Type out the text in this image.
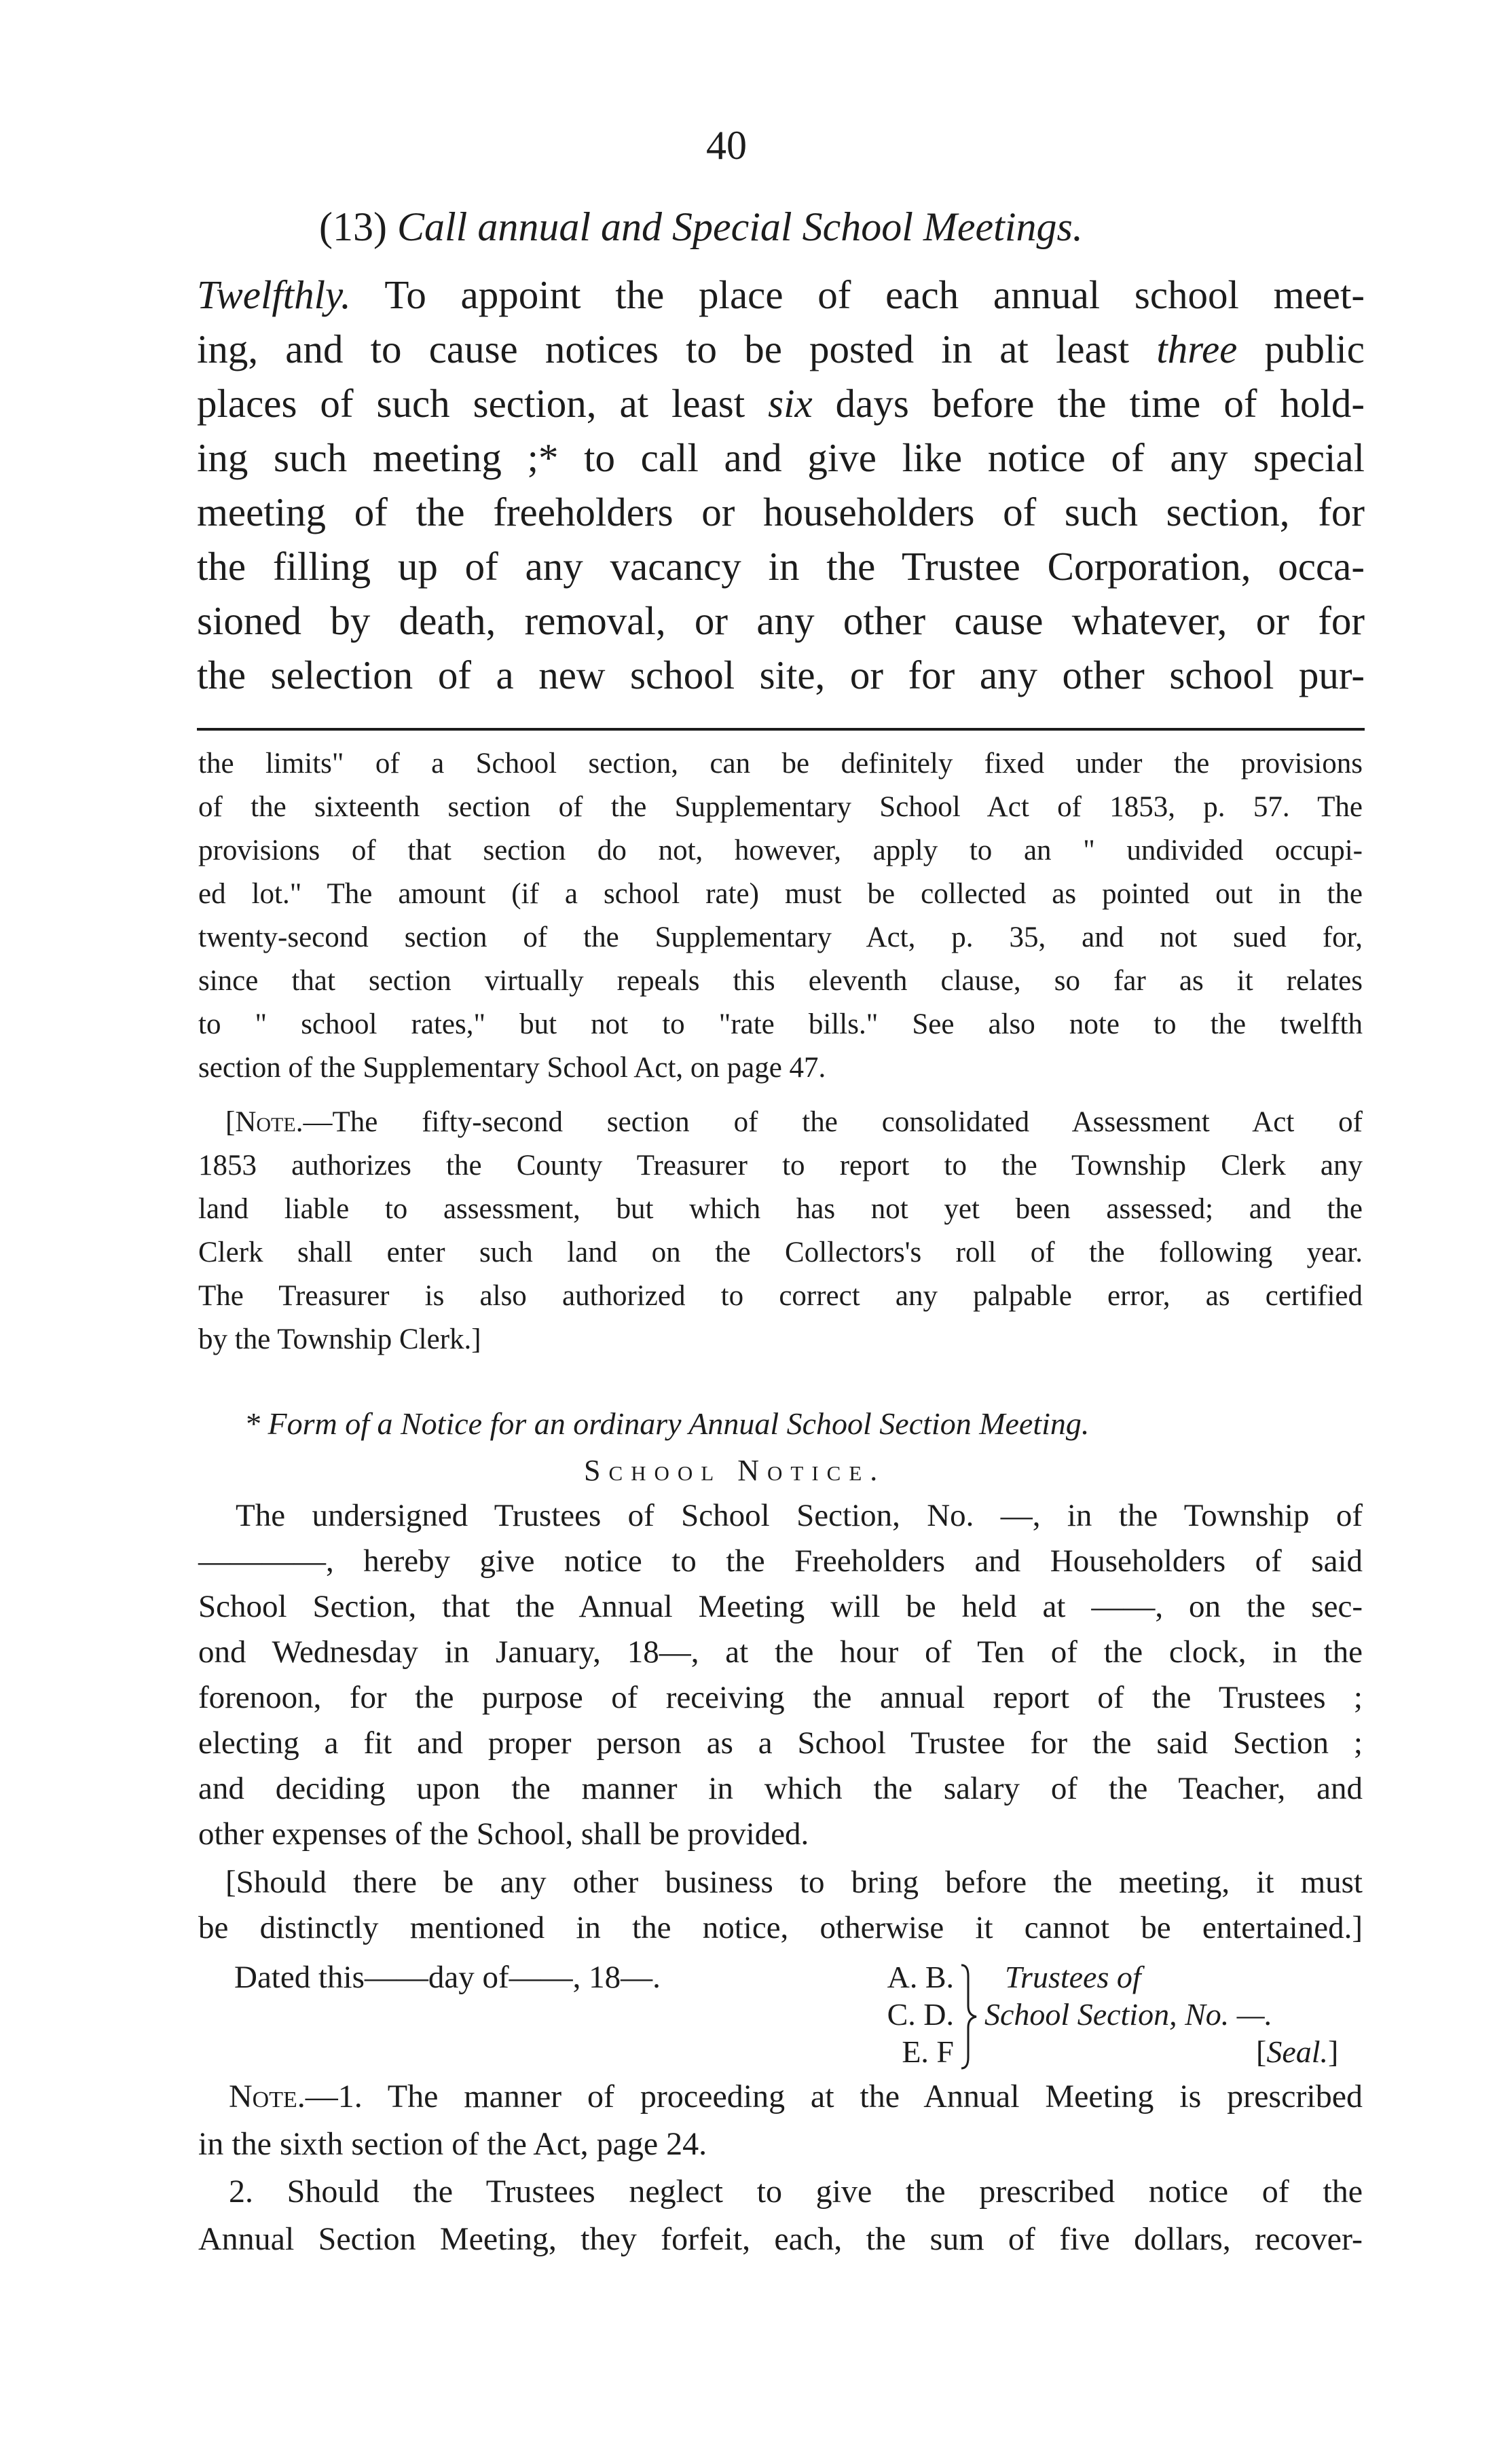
40
(13) Call annual and Special School Meetings.
Twelfthly. To appoint the place of each annual school meet-
ing, and to cause notices to be posted in at least three public
places of such section, at least six days before the time of hold-
ing such meeting ;* to call and give like notice of any special
meeting of the freeholders or householders of such section, for
the filling up of any vacancy in the Trustee Corporation, occa-
sioned by death, removal, or any other cause whatever, or for
the selection of a new school site, or for any other school pur-
the limits" of a School section, can be definitely fixed under the provisions
of the sixteenth section of the Supplementary School Act of 1853, p. 57. The
provisions of that section do not, however, apply to an " undivided occupi-
ed lot." The amount (if a school rate) must be collected as pointed out in the
twenty-second section of the Supplementary Act, p. 35, and not sued for,
since that section virtually repeals this eleventh clause, so far as it relates
to " school rates," but not to "rate bills." See also note to the twelfth
section of the Supplementary School Act, on page 47.
[Note.—The fifty-second section of the consolidated Assessment Act of
1853 authorizes the County Treasurer to report to the Township Clerk any
land liable to assessment, but which has not yet been assessed; and the
Clerk shall enter such land on the Collectors's roll of the following year.
The Treasurer is also authorized to correct any palpable error, as certified
by the Township Clerk.]
* Form of a Notice for an ordinary Annual School Section Meeting.
School Notice.
The undersigned Trustees of School Section, No. —, in the Township of
————, hereby give notice to the Freeholders and Householders of said
School Section, that the Annual Meeting will be held at ——, on the sec-
ond Wednesday in January, 18—, at the hour of Ten of the clock, in the
forenoon, for the purpose of receiving the annual report of the Trustees ;
electing a fit and proper person as a School Trustee for the said Section ;
and deciding upon the manner in which the salary of the Teacher, and
other expenses of the School, shall be provided.
[Should there be any other business to bring before the meeting, it must
be distinctly mentioned in the notice, otherwise it cannot be entertained.]
Dated this——day of——, 18—.	A. B.
C. D.
E. F
Trustees of
School Section, No. —.
[Seal.]
Note.—1. The manner of proceeding at the Annual Meeting is prescribed
in the sixth section of the Act, page 24.
2. Should the Trustees neglect to give the prescribed notice of the
Annual Section Meeting, they forfeit, each, the sum of five dollars, recover-
